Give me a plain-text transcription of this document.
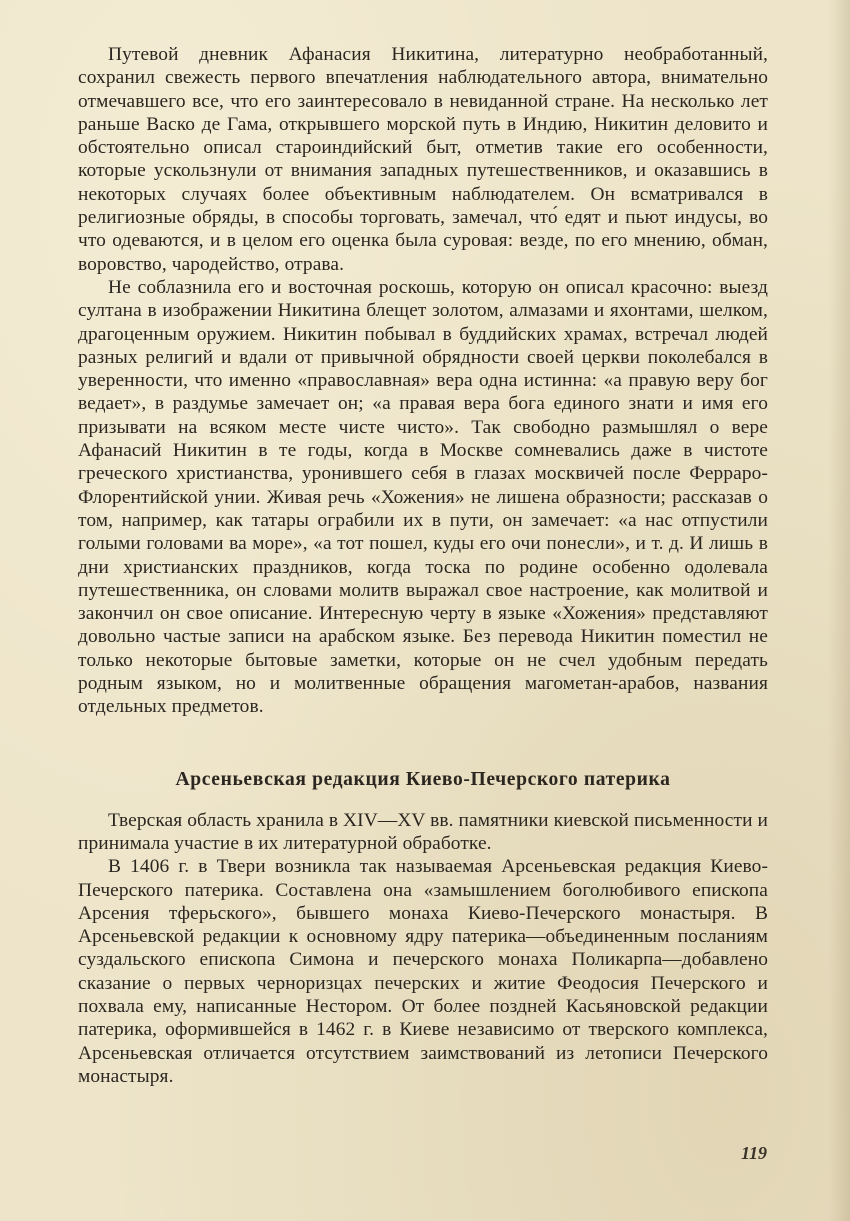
Путевой дневник Афанасия Никитина, литературно необработанный, сохранил свежесть первого впечатления наблюдательного автора, внимательно отмечавшего все, что его заинтересовало в невиданной стране. На несколько лет раньше Васко де Гама, открывшего морской путь в Индию, Никитин деловито и обстоятельно описал староиндийский быт, отметив такие его особенности, которые ускользнули от внимания западных путешественников, и оказавшись в некоторых случаях более объективным наблюдателем. Он всматривался в религиозные обряды, в способы торговать, замечал, что́ едят и пьют индусы, во что одеваются, и в целом его оценка была суровая: везде, по его мнению, обман, воровство, чародейство, отрава.

Не соблазнила его и восточная роскошь, которую он описал красочно: выезд султана в изображении Никитина блещет золотом, алмазами и яхонтами, шелком, драгоценным оружием. Никитин побывал в буддийских храмах, встречал людей разных религий и вдали от привычной обрядности своей церкви поколебался в уверенности, что именно «православная» вера одна истинна: «а правую веру бог ведает», в раздумье замечает он; «а правая вера бога единого знати и имя его призывати на всяком месте чисте чисто». Так свободно размышлял о вере Афанасий Никитин в те годы, когда в Москве сомневались даже в чистоте греческого христианства, уронившего себя в глазах москвичей после Ферраро-Флорентийской унии. Живая речь «Хожения» не лишена образности; рассказав о том, например, как татары ограбили их в пути, он замечает: «а нас отпустили голыми головами ва море», «а тот пошел, куды его очи понесли», и т. д. И лишь в дни христианских праздников, когда тоска по родине особенно одолевала путешественника, он словами молитв выражал свое настроение, как молитвой и закончил он свое описание. Интересную черту в языке «Хожения» представляют довольно частые записи на арабском языке. Без перевода Никитин поместил не только некоторые бытовые заметки, которые он не счел удобным передать родным языком, но и молитвенные обращения магометан-арабов, названия отдельных предметов.

Арсеньевская редакция Киево-Печерского патерика

Тверская область хранила в XIV—XV вв. памятники киевской письменности и принимала участие в их литературной обработке.

В 1406 г. в Твери возникла так называемая Арсеньевская редакция Киево-Печерского патерика. Составлена она «замышлением боголюбивого епископа Арсения тферьского», бывшего монаха Киево-Печерского монастыря. В Арсеньевской редакции к основному ядру патерика—объединенным посланиям суздальского епископа Симона и печерского монаха Поликарпа—добавлено сказание о первых черноризцах печерских и житие Феодосия Печерского и похвала ему, написанные Нестором. От более поздней Касьяновской редакции патерика, оформившейся в 1462 г. в Киеве независимо от тверского комплекса, Арсеньевская отличается отсутствием заимствований из летописи Печерского монастыря.

119
